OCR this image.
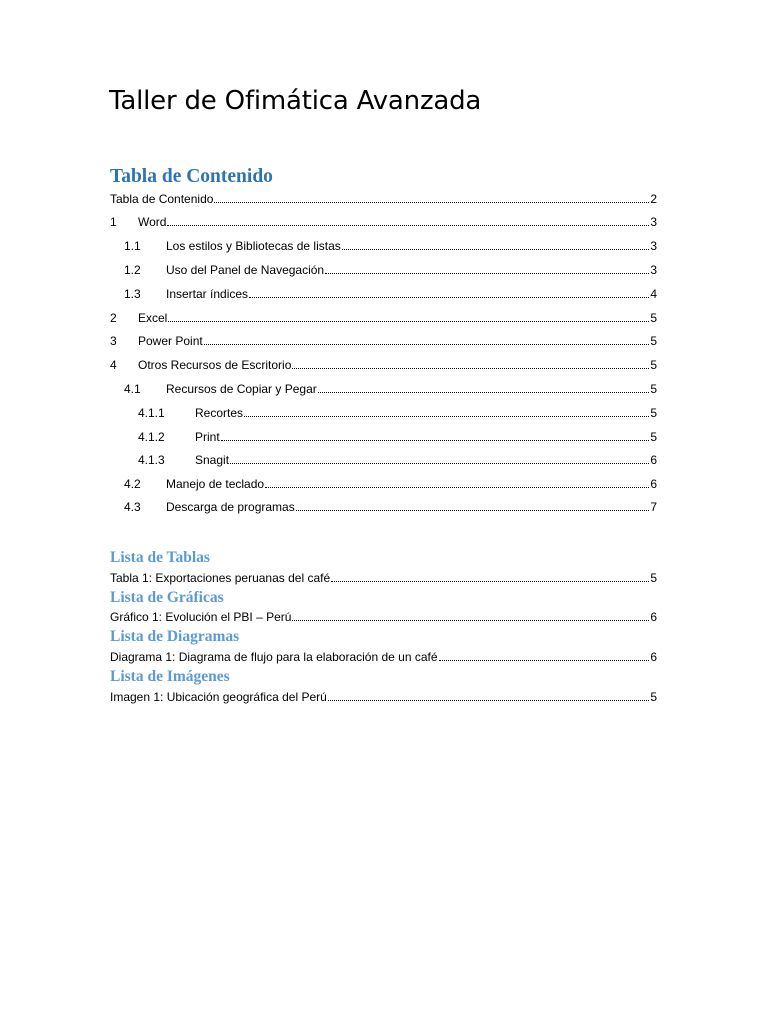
Taller de Ofimática Avanzada
Tabla de Contenido
Tabla de Contenido	2
1	Word	3
1.1	Los estilos y Bibliotecas de listas	3
1.2	Uso del Panel de Navegación	3
1.3	Insertar índices	4
2	Excel	5
3	Power Point	5
4	Otros Recursos de Escritorio	5
4.1	Recursos de Copiar y Pegar	5
4.1.1	Recortes	5
4.1.2	Print	5
4.1.3	Snagit	6
4.2	Manejo de teclado	6
4.3	Descarga de programas	7
Lista de Tablas
Tabla 1: Exportaciones peruanas del café	5
Lista de Gráficas
Gráfico 1: Evolución el PBI – Perú	6
Lista de Diagramas
Diagrama 1: Diagrama de flujo para la elaboración de un café	6
Lista de Imágenes
Imagen 1: Ubicación geográfica del Perú	5
